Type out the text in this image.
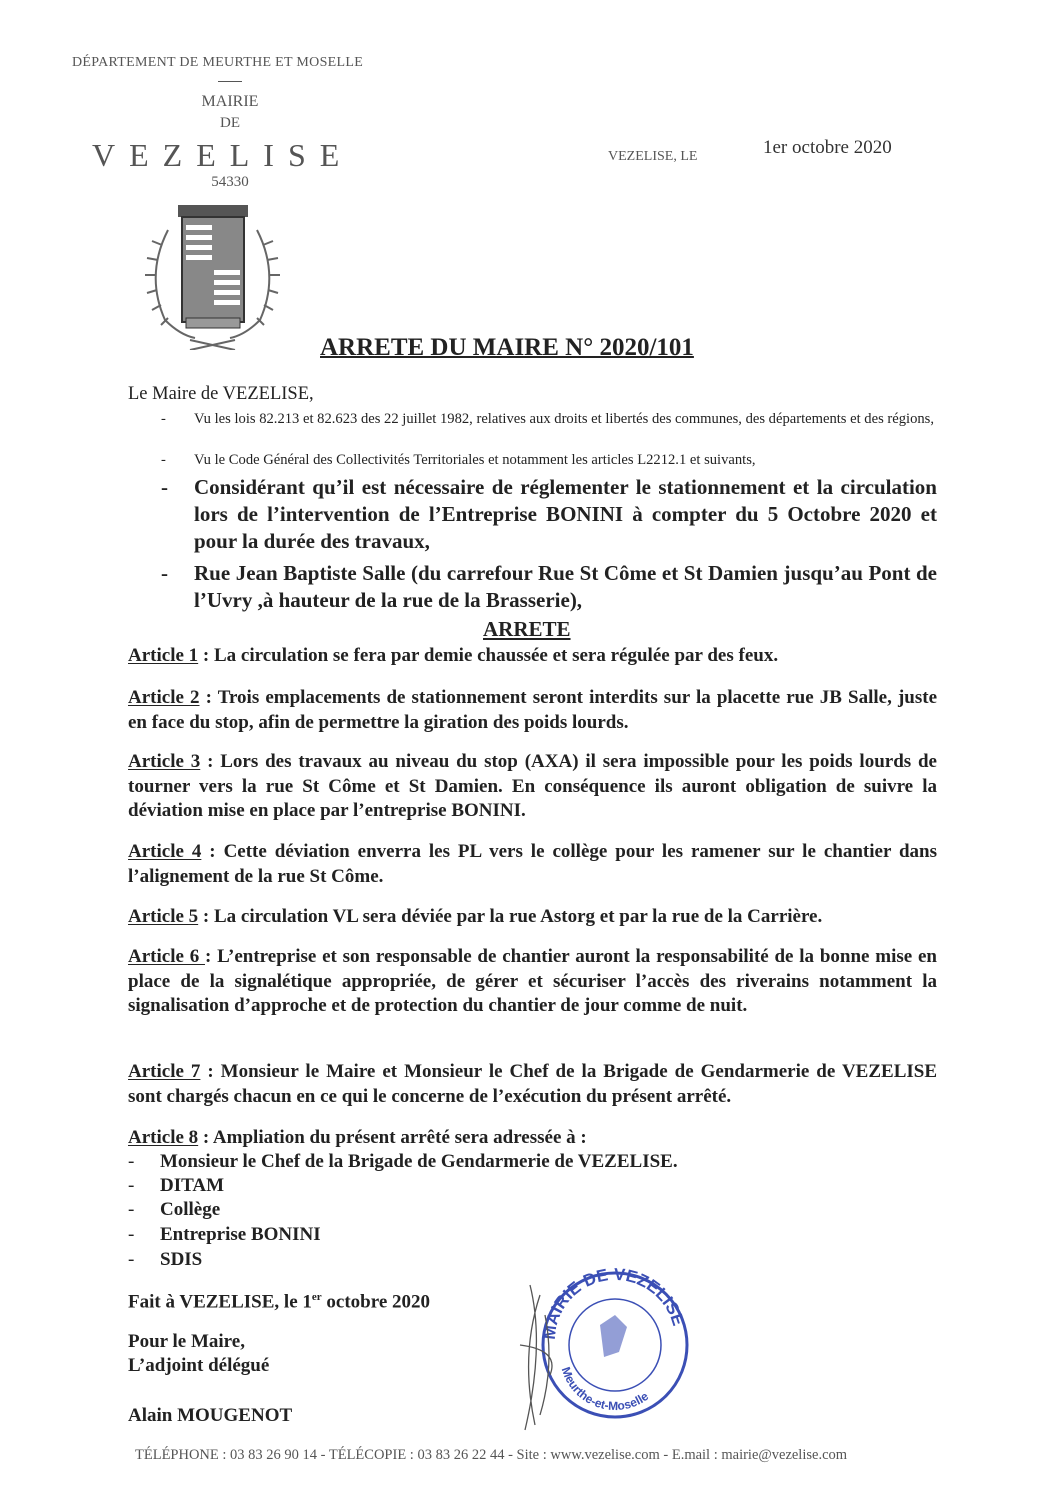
DÉPARTEMENT DE MEURTHE ET MOSELLE
MAIRIE
DE
VEZELISE
54330
VEZELISE, LE	1er octobre 2020
ARRETE DU MAIRE N° 2020/101
Le Maire de VEZELISE,
- Vu les lois 82.213 et 82.623 des 22 juillet 1982, relatives aux droits et libertés des communes, des départements et des régions,
- Vu le Code Général des Collectivités Territoriales et notamment les articles L2212.1 et suivants,
- Considérant qu’il est nécessaire de réglementer le stationnement et la circulation lors de l’intervention de l’Entreprise BONINI à compter du 5 Octobre 2020 et pour la durée des travaux,
- Rue Jean Baptiste Salle (du carrefour Rue St Côme et St Damien jusqu’au Pont de l’Uvry ,à hauteur de la rue de la Brasserie),
ARRETE
Article 1 : La circulation se fera par demie chaussée et sera régulée par des feux.
Article 2 : Trois emplacements de stationnement seront interdits sur la placette rue JB Salle, juste en face du stop, afin de permettre la giration des poids lourds.
Article 3 : Lors des travaux au niveau du stop (AXA) il sera impossible pour les poids lourds de tourner vers la rue St Côme et St Damien. En conséquence ils auront obligation de suivre la déviation mise en place par l’entreprise BONINI.
Article 4 : Cette déviation enverra les PL vers le collège pour les ramener sur le chantier dans l’alignement de la rue St Côme.
Article 5 : La circulation VL sera déviée par la rue Astorg et par la rue de la Carrière.
Article 6 : L’entreprise et son responsable de chantier auront la responsabilité de la bonne mise en place de la signalétique appropriée, de gérer et sécuriser l’accès des riverains notamment la signalisation d’approche et de protection du chantier de jour comme de nuit.
Article 7 : Monsieur le Maire et Monsieur le Chef de la Brigade de Gendarmerie de VEZELISE sont chargés chacun en ce qui le concerne de l’exécution du présent arrêté.
Article 8 : Ampliation du présent arrêté sera adressée à :
- Monsieur le Chef de la Brigade de Gendarmerie de VEZELISE.
- DITAM
- Collège
- Entreprise BONINI
- SDIS
Fait à VEZELISE, le 1er octobre 2020
Pour le Maire,
L’adjoint délégué
Alain MOUGENOT
MAIRIE DE VEZELISE
Meurthe-et-Moselle
TÉLÉPHONE : 03 83 26 90 14 - TÉLÉCOPIE : 03 83 26 22 44 - Site : www.vezelise.com - E.mail : mairie@vezelise.com
